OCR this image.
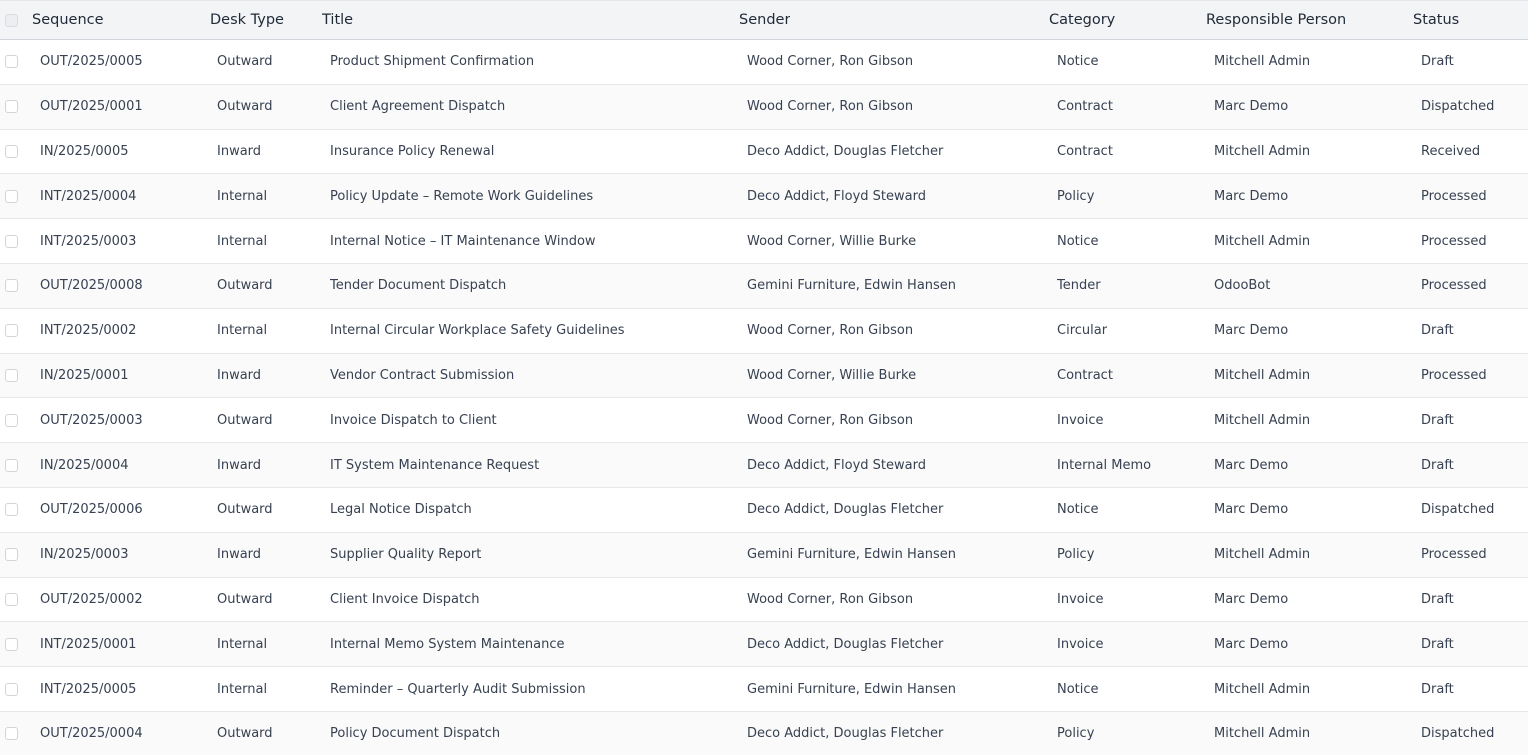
Sequence	Desk Type	Title	Sender	Category	Responsible Person	Status
OUT/2025/0005	Outward	Product Shipment Confirmation	Wood Corner, Ron Gibson	Notice	Mitchell Admin	Draft
OUT/2025/0001	Outward	Client Agreement Dispatch	Wood Corner, Ron Gibson	Contract	Marc Demo	Dispatched
IN/2025/0005	Inward	Insurance Policy Renewal	Deco Addict, Douglas Fletcher	Contract	Mitchell Admin	Received
INT/2025/0004	Internal	Policy Update – Remote Work Guidelines	Deco Addict, Floyd Steward	Policy	Marc Demo	Processed
INT/2025/0003	Internal	Internal Notice – IT Maintenance Window	Wood Corner, Willie Burke	Notice	Mitchell Admin	Processed
OUT/2025/0008	Outward	Tender Document Dispatch	Gemini Furniture, Edwin Hansen	Tender	OdooBot	Processed
INT/2025/0002	Internal	Internal Circular Workplace Safety Guidelines	Wood Corner, Ron Gibson	Circular	Marc Demo	Draft
IN/2025/0001	Inward	Vendor Contract Submission	Wood Corner, Willie Burke	Contract	Mitchell Admin	Processed
OUT/2025/0003	Outward	Invoice Dispatch to Client	Wood Corner, Ron Gibson	Invoice	Mitchell Admin	Draft
IN/2025/0004	Inward	IT System Maintenance Request	Deco Addict, Floyd Steward	Internal Memo	Marc Demo	Draft
OUT/2025/0006	Outward	Legal Notice Dispatch	Deco Addict, Douglas Fletcher	Notice	Marc Demo	Dispatched
IN/2025/0003	Inward	Supplier Quality Report	Gemini Furniture, Edwin Hansen	Policy	Mitchell Admin	Processed
OUT/2025/0002	Outward	Client Invoice Dispatch	Wood Corner, Ron Gibson	Invoice	Marc Demo	Draft
INT/2025/0001	Internal	Internal Memo System Maintenance	Deco Addict, Douglas Fletcher	Invoice	Marc Demo	Draft
INT/2025/0005	Internal	Reminder – Quarterly Audit Submission	Gemini Furniture, Edwin Hansen	Notice	Mitchell Admin	Draft
OUT/2025/0004	Outward	Policy Document Dispatch	Deco Addict, Douglas Fletcher	Policy	Mitchell Admin	Dispatched
